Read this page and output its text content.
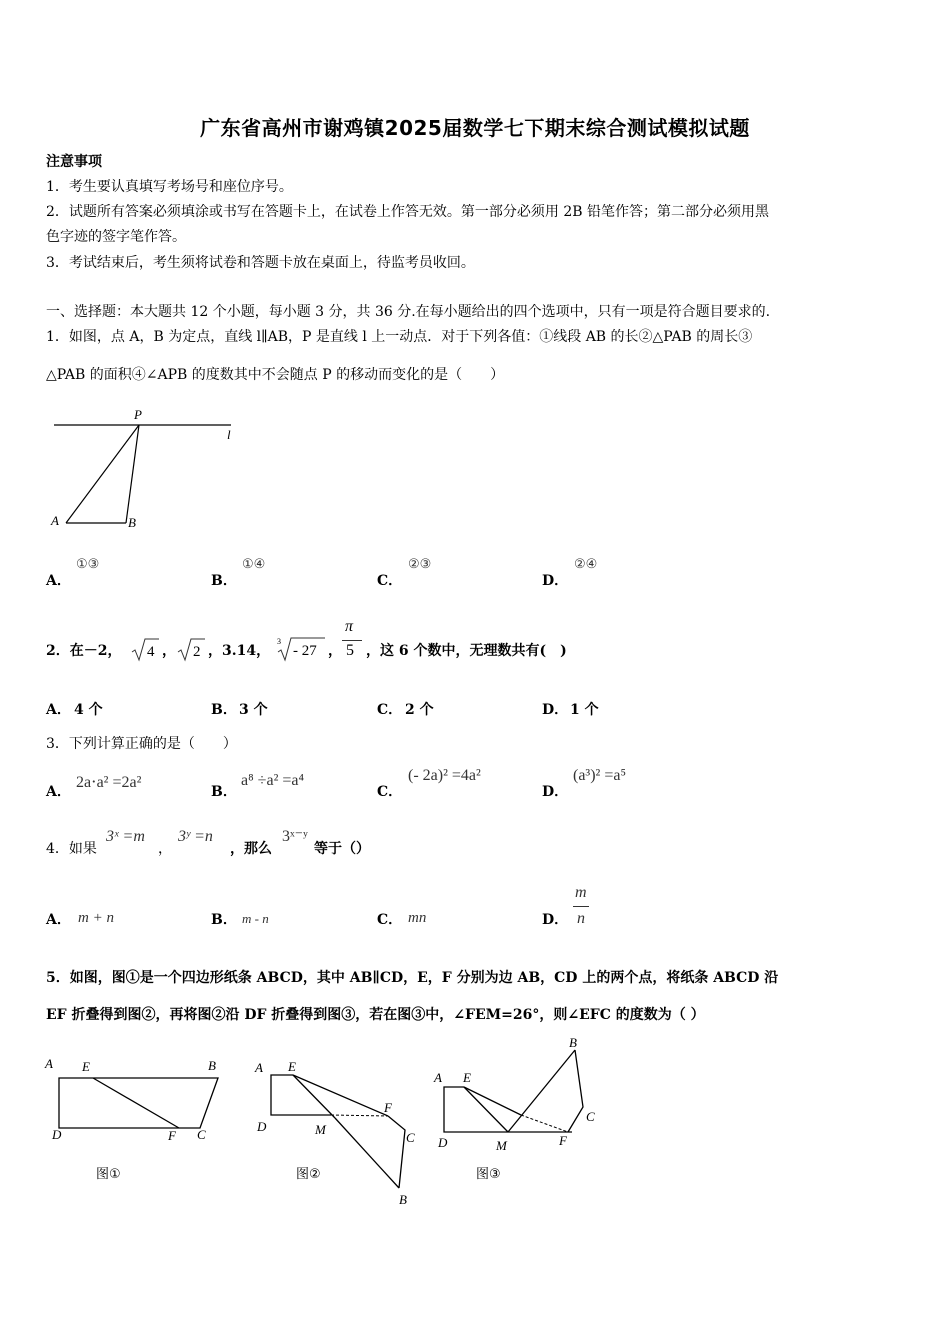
广东省高州市谢鸡镇2025届数学七下期末综合测试模拟试题
注意事项
1．考生要认真填写考场号和座位序号。
2．试题所有答案必须填涂或书写在答题卡上，在试卷上作答无效。第一部分必须用 2B 铅笔作答；第二部分必须用黑
色字迹的签字笔作答。
3．考试结束后，考生须将试卷和答题卡放在桌面上，待监考员收回。
一、选择题：本大题共 12 个小题，每小题 3 分，共 36 分.在每小题给出的四个选项中，只有一项是符合题目要求的.
1．如图，点 A，B 为定点，直线 l∥AB，P 是直线 l 上一动点．对于下列各值：①线段 AB 的长②△PAB 的周长③
△PAB 的面积④∠APB 的度数其中不会随点 P 的移动而变化的是（　　）
P
l
A	B
A．
①③
B．
①④
C．
②③
D．
②④
2．在－2， 4 ， 2 ，3.14，
3
- 27 ，
π
5 ，这 6 个数中，无理数共有(　)
A． 4 个	B． 3 个	C． 2 个	D． 1 个
3．下列计算正确的是（　　）
A．
2a⋅a² =2a²
B．
a⁸ ÷a² =a⁴
C．
(- 2a)² =4a²
D．
(a³)² =a⁵
4．如果
3ˣ =m
，
3ʸ =n
，那么
3ˣ⁻ʸ
等于（）
A． m + n	B． m - n	C． mn	D．
m
n
5．如图，图①是一个四边形纸条 ABCD，其中 AB∥CD，E，F 分别为边 AB，CD 上的两个点，将纸条 ABCD 沿
EF 折叠得到图②，再将图②沿 DF 折叠得到图③，若在图③中，∠FEM=26°，则∠EFC 的度数为（ ）
A E	B
D	F C
图①
A E
F
D	M
C
B
图②
A E
B
C
D	M	F
图③
